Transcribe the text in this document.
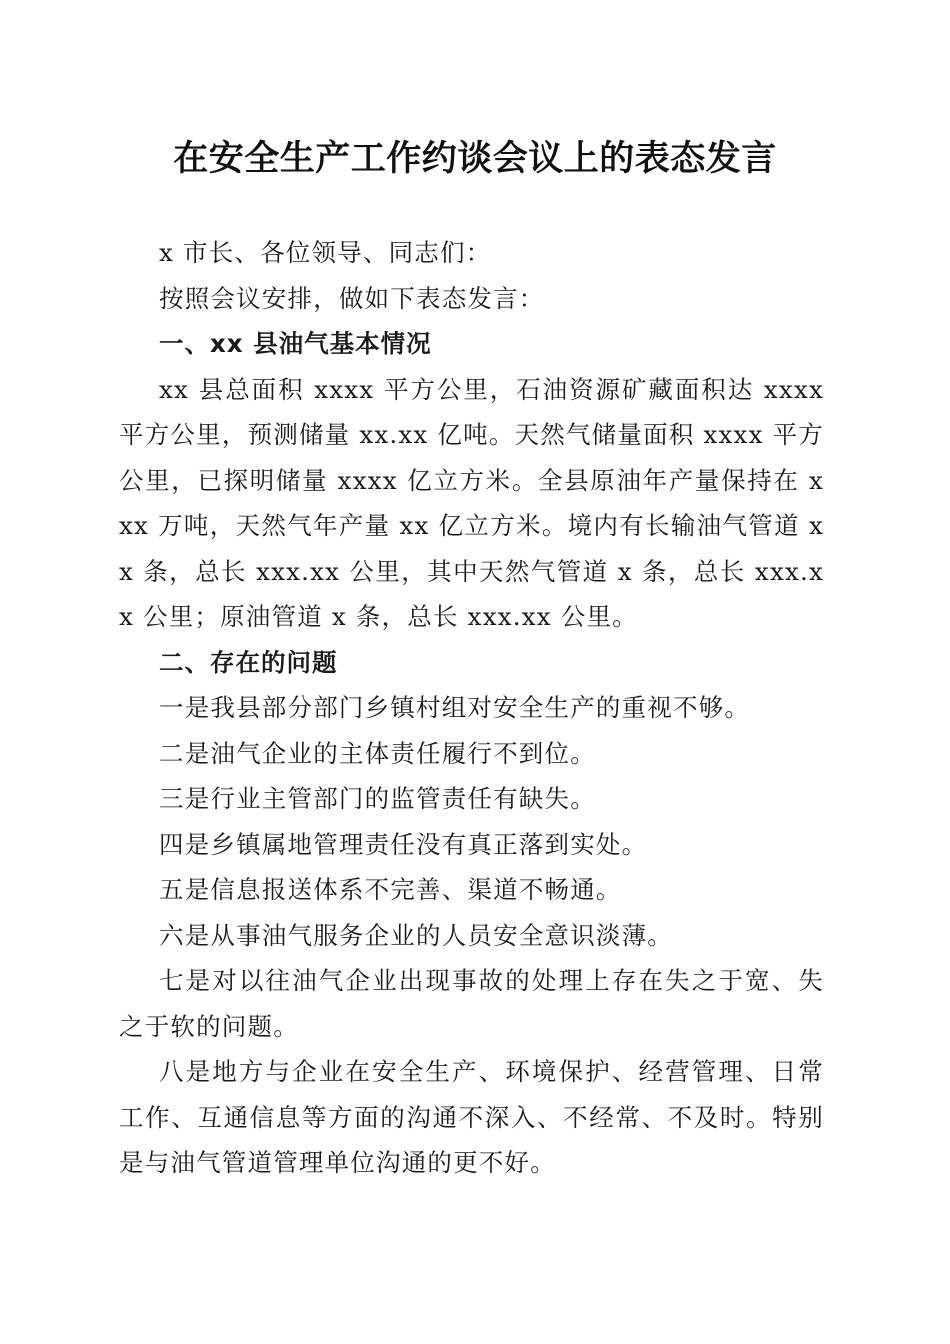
在安全生产工作约谈会议上的表态发言

x 市长、各位领导、同志们：

按照会议安排，做如下表态发言：

一、xx 县油气基本情况

xx 县总面积 xxxx 平方公里，石油资源矿藏面积达 xxxx 平方公里，预测储量 xx.xx 亿吨。天然气储量面积 xxxx 平方公里，已探明储量 xxxx 亿立方米。全县原油年产量保持在 xxx 万吨，天然气年产量 xx 亿立方米。境内有长输油气管道 xx 条，总长 xxx.xx 公里，其中天然气管道 x 条，总长 xxx.xx 公里；原油管道 x 条，总长 xxx.xx 公里。

二、存在的问题

一是我县部分部门乡镇村组对安全生产的重视不够。

二是油气企业的主体责任履行不到位。

三是行业主管部门的监管责任有缺失。

四是乡镇属地管理责任没有真正落到实处。

五是信息报送体系不完善、渠道不畅通。

六是从事油气服务企业的人员安全意识淡薄。

七是对以往油气企业出现事故的处理上存在失之于宽、失之于软的问题。

八是地方与企业在安全生产、环境保护、经营管理、日常工作、互通信息等方面的沟通不深入、不经常、不及时。特别是与油气管道管理单位沟通的更不好。
